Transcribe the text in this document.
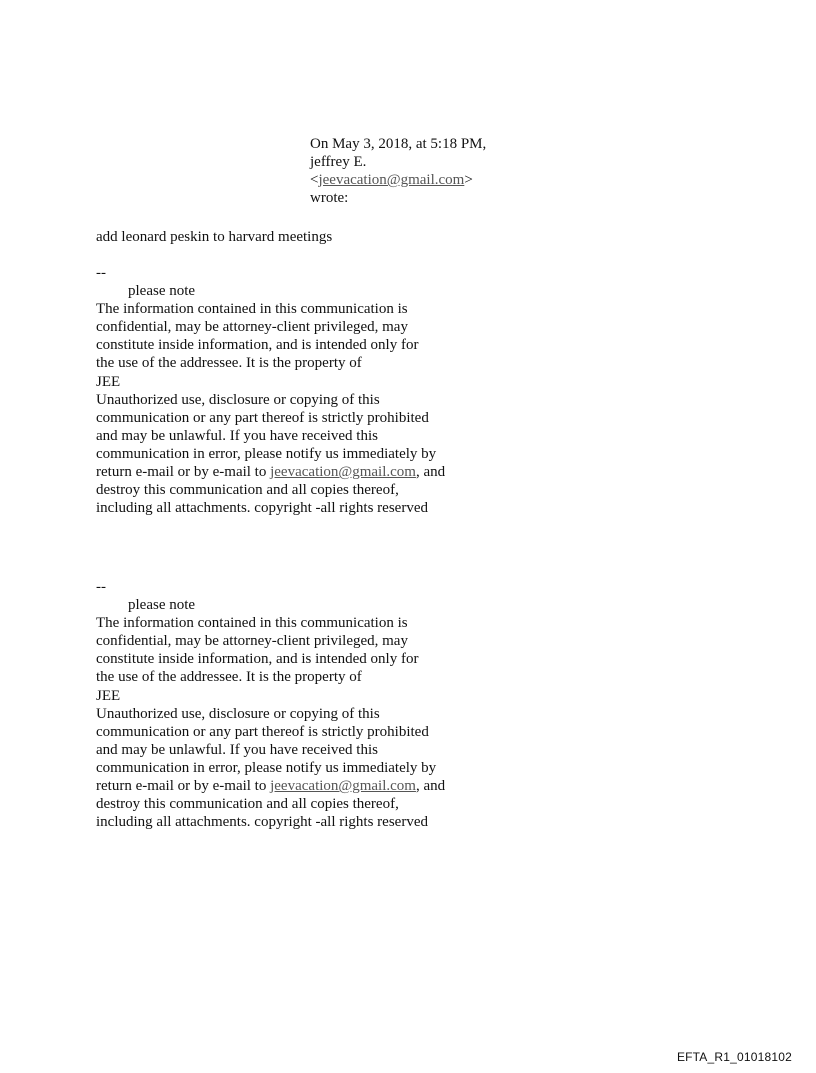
On May 3, 2018, at 5:18 PM,
jeffrey E.
<jeevacation@gmail.com>
wrote:
add leonard peskin to harvard meetings
--
please note
The information contained in this communication is
confidential, may be attorney-client privileged, may
constitute inside information, and is intended only for
the use of the addressee. It is the property of
JEE
Unauthorized use, disclosure or copying of this
communication or any part thereof is strictly prohibited
and may be unlawful. If you have received this
communication in error, please notify us immediately by
return e-mail or by e-mail to jeevacation@gmail.com, and
destroy this communication and all copies thereof,
including all attachments. copyright -all rights reserved
--
please note
The information contained in this communication is
confidential, may be attorney-client privileged, may
constitute inside information, and is intended only for
the use of the addressee. It is the property of
JEE
Unauthorized use, disclosure or copying of this
communication or any part thereof is strictly prohibited
and may be unlawful. If you have received this
communication in error, please notify us immediately by
return e-mail or by e-mail to jeevacation@gmail.com, and
destroy this communication and all copies thereof,
including all attachments. copyright -all rights reserved
EFTA_R1_01018102
